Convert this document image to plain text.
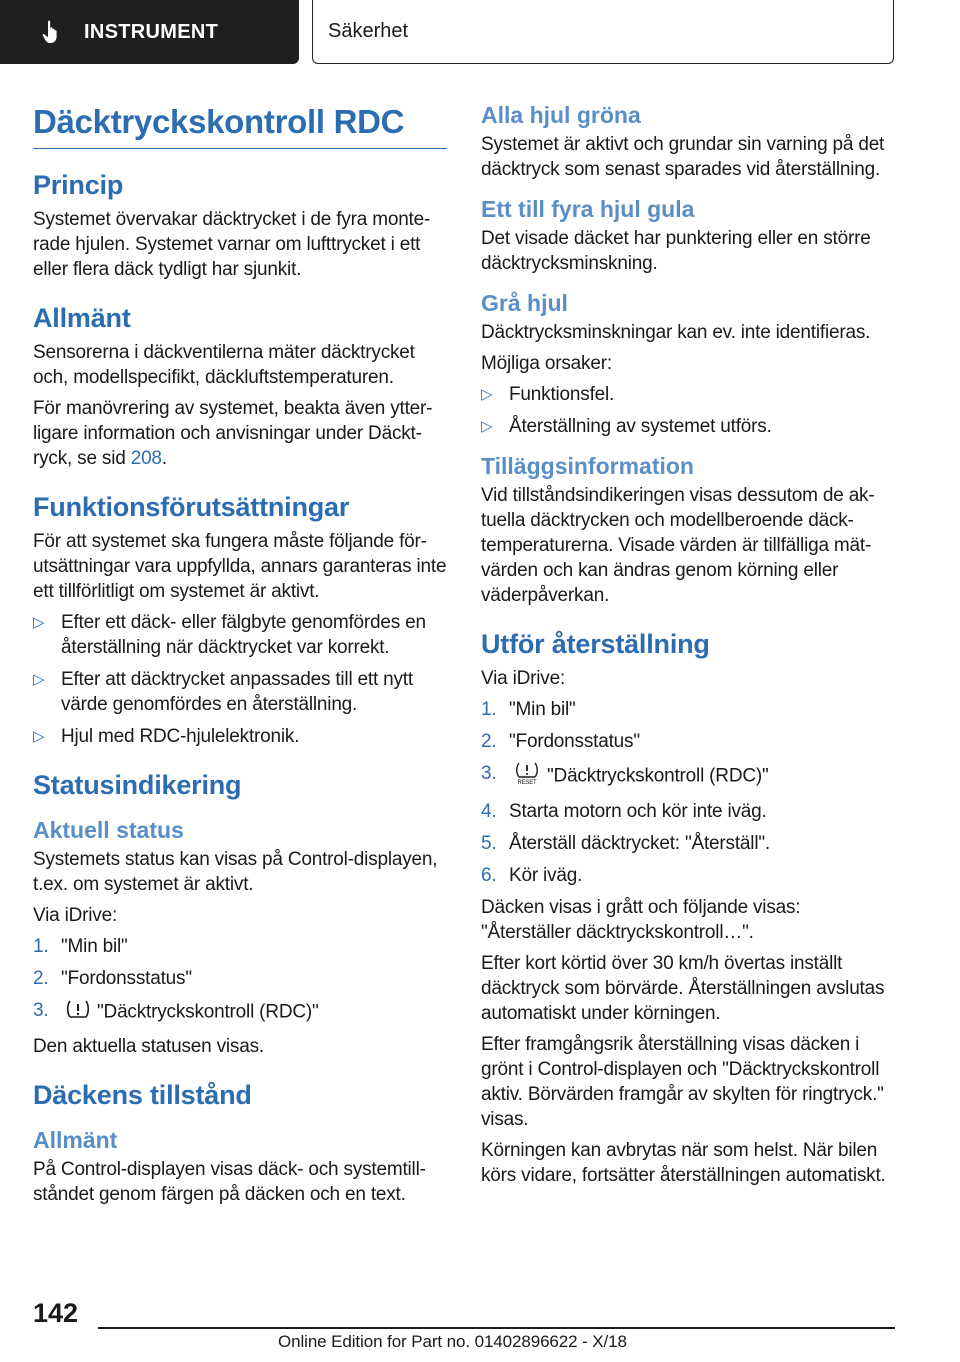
INSTRUMENT	Säkerhet
Däcktryckskontroll RDC
Princip

Systemet övervakar däcktrycket i de fyra monterade hjulen. Systemet varnar om lufttrycket i ett eller flera däck tydligt har sjunkit.

Allmänt

Sensorerna i däckventilerna mäter däcktrycket och, modellspecifikt, däckluftstemperaturen.

För manövrering av systemet, beakta även ytterligare information och anvisningar under Däcktryck, se sid 208.

Funktionsförutsättningar

För att systemet ska fungera måste följande förutsättningar vara uppfyllda, annars garanteras inte ett tillförlitligt om systemet är aktivt.

▷ Efter ett däck- eller fälgbyte genomfördes en återställning när däcktrycket var korrekt.
▷ Efter att däcktrycket anpassades till ett nytt värde genomfördes en återställning.
▷ Hjul med RDC-hjulelektronik.
Statusindikering
Aktuell status

Systemets status kan visas på Control-displayen, t.ex. om systemet är aktivt.

Via iDrive:

1. "Min bil"
2. "Fordonsstatus"
3.	"Däcktryckskontroll (RDC)"

Den aktuella statusen visas.

Däckens tillstånd
Allmänt

På Control-displayen visas däck- och systemtillståndet genom färgen på däcken och en text.

Alla hjul gröna

Systemet är aktivt och grundar sin varning på det däcktryck som senast sparades vid återställning.

Ett till fyra hjul gula

Det visade däcket har punktering eller en större däcktrycksminskning.

Grå hjul

Däcktrycksminskningar kan ev. inte identifieras.

Möjliga orsaker:

▷ Funktionsfel.
▷ Återställning av systemet utförs.
Tilläggsinformation

Vid tillståndsindikeringen visas dessutom de aktuella däcktrycken och modellberoende däcktemperaturerna. Visade värden är tillfälliga mätvärden och kan ändras genom körning eller väderpåverkan.

Utför återställning

Via iDrive:

1. "Min bil"
2. "Fordonsstatus"
3.	RESET "Däcktryckskontroll (RDC)"
4. Starta motorn och kör inte iväg.
5. Återställ däcktrycket: "Återställ".
6. Kör iväg.

Däcken visas i grått och följande visas: "Återställer däcktryckskontroll…".

Efter kort körtid över 30 km/h övertas inställt däcktryck som börvärde. Återställningen avslutas automatiskt under körningen.

Efter framgångsrik återställning visas däcken i grönt i Control-displayen och "Däcktryckskontroll aktiv. Börvärden framgår av skylten för ringtryck." visas.

Körningen kan avbrytas när som helst. När bilen körs vidare, fortsätter återställningen automatiskt.

142
Online Edition for Part no. 01402896622 - X/18
